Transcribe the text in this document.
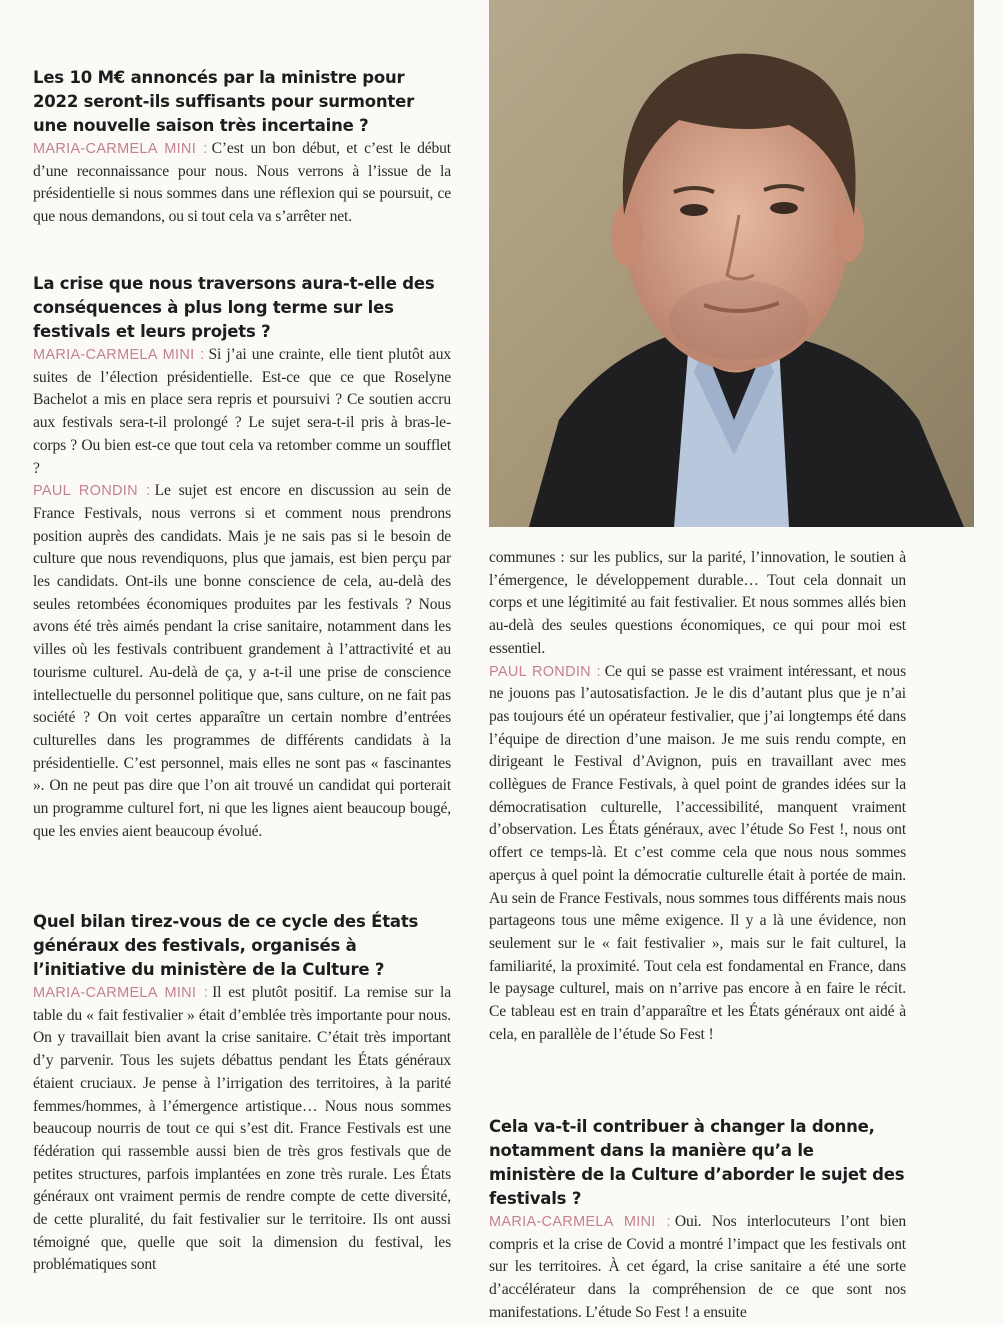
Les 10 M€ annoncés par la ministre pour 2022 seront-ils suffisants pour surmonter une nouvelle saison très incertaine ?

MARIA-CARMELA MINI : C’est un bon début, et c’est le début d’une reconnaissance pour nous. Nous verrons à l’issue de la présidentielle si nous sommes dans une réflexion qui se poursuit, ce que nous demandons, ou si tout cela va s’arrêter net.

La crise que nous traversons aura-t-elle des conséquences à plus long terme sur les festivals et leurs projets ?

MARIA-CARMELA MINI : Si j’ai une crainte, elle tient plutôt aux suites de l’élection présidentielle. Est-ce que ce que Roselyne Bachelot a mis en place sera repris et poursuivi ? Ce soutien accru aux festivals sera-t-il prolongé ? Le sujet sera-t-il pris à bras-le-corps ? Ou bien est-ce que tout cela va retomber comme un soufflet ?

PAUL RONDIN : Le sujet est encore en discussion au sein de France Festivals, nous verrons si et comment nous prendrons position auprès des candidats. Mais je ne sais pas si le besoin de culture que nous revendiquons, plus que jamais, est bien perçu par les candidats. Ont-ils une bonne conscience de cela, au-delà des seules retombées économiques produites par les festivals ? Nous avons été très aimés pendant la crise sanitaire, notamment dans les villes où les festivals contribuent grandement à l’attractivité et au tourisme culturel. Au-delà de ça, y a-t-il une prise de conscience intellectuelle du personnel politique que, sans culture, on ne fait pas société ? On voit certes apparaître un certain nombre d’entrées culturelles dans les programmes de différents candidats à la présidentielle. C’est personnel, mais elles ne sont pas « fascinantes ». On ne peut pas dire que l’on ait trouvé un candidat qui porterait un programme culturel fort, ni que les lignes aient beaucoup bougé, que les envies aient beaucoup évolué.

Quel bilan tirez-vous de ce cycle des États généraux des festivals, organisés à l’initiative du ministère de la Culture ?

MARIA-CARMELA MINI : Il est plutôt positif. La remise sur la table du « fait festivalier » était d’emblée très importante pour nous. On y travaillait bien avant la crise sanitaire. C’était très important d’y parvenir. Tous les sujets débattus pendant les États généraux étaient cruciaux. Je pense à l’irrigation des territoires, à la parité femmes/hommes, à l’émergence artistique… Nous nous sommes beaucoup nourris de tout ce qui s’est dit. France Festivals est une fédération qui rassemble aussi bien de très gros festivals que de petites structures, parfois implantées en zone très rurale. Les États généraux ont vraiment permis de rendre compte de cette diversité, de cette pluralité, du fait festivalier sur le territoire. Ils ont aussi témoigné que, quelle que soit la dimension du festival, les problématiques sont

communes : sur les publics, sur la parité, l’innovation, le soutien à l’émergence, le développement durable… Tout cela donnait un corps et une légitimité au fait festivalier. Et nous sommes allés bien au-delà des seules questions économiques, ce qui pour moi est essentiel.

PAUL RONDIN : Ce qui se passe est vraiment intéressant, et nous ne jouons pas l’autosatisfaction. Je le dis d’autant plus que je n’ai pas toujours été un opérateur festivalier, que j’ai longtemps été dans l’équipe de direction d’une maison. Je me suis rendu compte, en dirigeant le Festival d’Avignon, puis en travaillant avec mes collègues de France Festivals, à quel point de grandes idées sur la démocratisation culturelle, l’accessibilité, manquent vraiment d’observation. Les États généraux, avec l’étude So Fest !, nous ont offert ce temps-là. Et c’est comme cela que nous nous sommes aperçus à quel point la démocratie culturelle était à portée de main. Au sein de France Festivals, nous sommes tous différents mais nous partageons tous une même exigence. Il y a là une évidence, non seulement sur le « fait festivalier », mais sur le fait culturel, la familiarité, la proximité. Tout cela est fondamental en France, dans le paysage culturel, mais on n’arrive pas encore à en faire le récit. Ce tableau est en train d’apparaître et les États généraux ont aidé à cela, en parallèle de l’étude So Fest !

Cela va-t-il contribuer à changer la donne, notamment dans la manière qu’a le ministère de la Culture d’aborder le sujet des festivals ?

MARIA-CARMELA MINI : Oui. Nos interlocuteurs l’ont bien compris et la crise de Covid a montré l’impact que les festivals ont sur les territoires. À cet égard, la crise sanitaire a été une sorte d’accélérateur dans la compréhension de ce que sont nos manifestations. L’étude So Fest ! a ensuite
